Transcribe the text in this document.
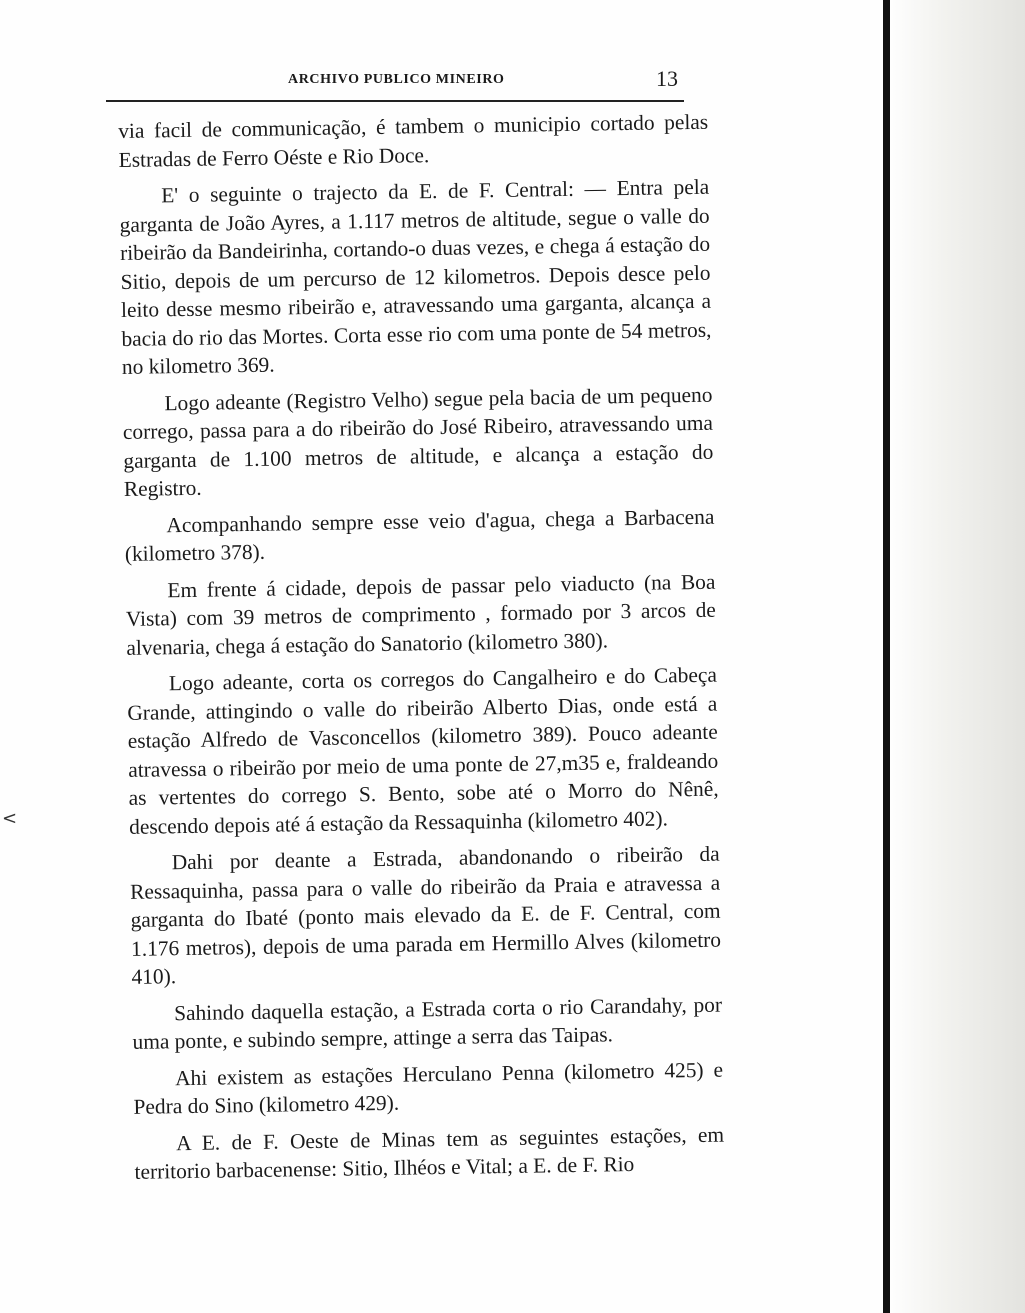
ARCHIVO PUBLICO MINEIRO	13

via facil de communicação, é tambem o municipio cortado pelas Estradas de Ferro Oéste e Rio Doce.

E' o seguinte o trajecto da E. de F. Central: — Entra pela garganta de João Ayres, a 1.117 metros de altitude, segue o valle do ribeirão da Bandeirinha, cortando-o duas vezes, e chega á estação do Sitio, depois de um percurso de 12 kilometros. Depois desce pelo leito desse mesmo ribeirão e, atravessando uma garganta, alcança a bacia do rio das Mortes. Corta esse rio com uma ponte de 54 metros, no kilometro 369.

Logo adeante (Registro Velho) segue pela bacia de um pequeno corrego, passa para a do ribeirão do José Ribeiro, atravessando uma garganta de 1.100 metros de altitude, e alcança a estação do Registro.

Acompanhando sempre esse veio d'agua, chega a Barbacena (kilometro 378).

Em frente á cidade, depois de passar pelo viaducto (na Boa Vista) com 39 metros de comprimento , formado por 3 arcos de alvenaria, chega á estação do Sanatorio (kilometro 380).

Logo adeante, corta os corregos do Cangalheiro e do Cabeça Grande, attingindo o valle do ribeirão Alberto Dias, onde está a estação Alfredo de Vasconcellos (kilometro 389). Pouco adeante atravessa o ribeirão por meio de uma ponte de 27,m35 e, fraldeando as vertentes do corrego S. Bento, sobe até o Morro do Nênê, descendo depois até á estação da Ressaquinha (kilometro 402).

Dahi por deante a Estrada, abandonando o ribeirão da Ressaquinha, passa para o valle do ribeirão da Praia e atravessa a garganta do Ibaté (ponto mais elevado da E. de F. Central, com 1.176 metros), depois de uma parada em Hermillo Alves (kilometro 410).

Sahindo daquella estação, a Estrada corta o rio Carandahy, por uma ponte, e subindo sempre, attinge a serra das Taipas.

Ahi existem as estações Herculano Penna (kilometro 425) e Pedra do Sino (kilometro 429).

A E. de F. Oeste de Minas tem as seguintes estações, em territorio barbacenense: Sitio, Ilhéos e Vital; a E. de F. Rio

<
